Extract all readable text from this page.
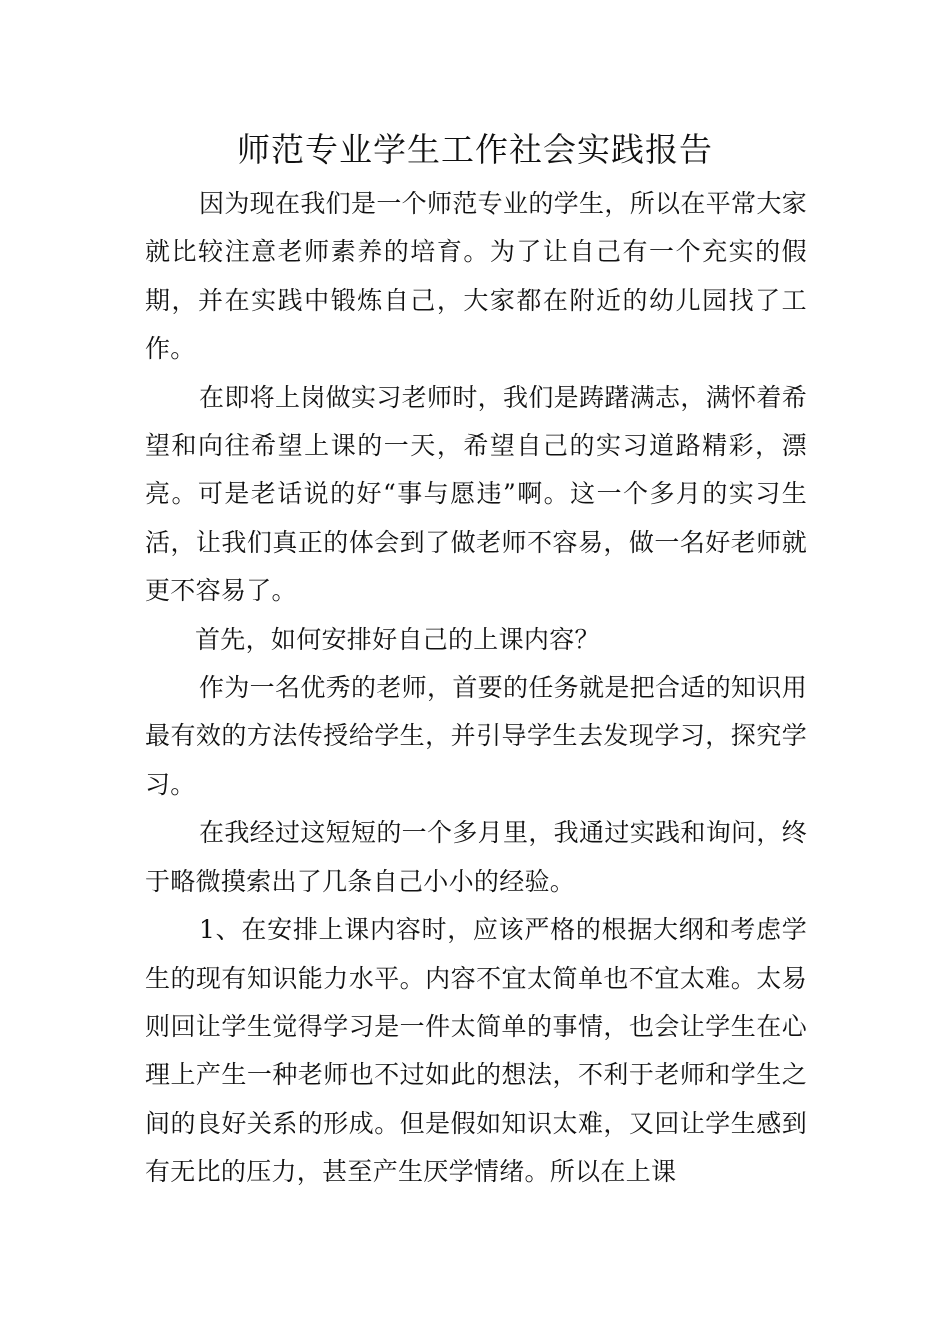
师范专业学生工作社会实践报告

因为现在我们是一个师范专业的学生，所以在平常大家就比较注意老师素养的培育。为了让自己有一个充实的假期，并在实践中锻炼自己，大家都在附近的幼儿园找了工作。

在即将上岗做实习老师时，我们是踌躇满志，满怀着希望和向往希望上课的一天，希望自己的实习道路精彩，漂亮。可是老话说的好“事与愿违”啊。这一个多月的实习生活，让我们真正的体会到了做老师不容易，做一名好老师就更不容易了。

首先，如何安排好自己的上课内容？

作为一名优秀的老师，首要的任务就是把合适的知识用最有效的方法传授给学生，并引导学生去发现学习，探究学习。

在我经过这短短的一个多月里，我通过实践和询问，终于略微摸索出了几条自己小小的经验。

1、在安排上课内容时，应该严格的根据大纲和考虑学生的现有知识能力水平。内容不宜太简单也不宜太难。太易则回让学生觉得学习是一件太简单的事情，也会让学生在心理上产生一种老师也不过如此的想法，不利于老师和学生之间的良好关系的形成。但是假如知识太难，又回让学生感到有无比的压力，甚至产生厌学情绪。所以在上课
